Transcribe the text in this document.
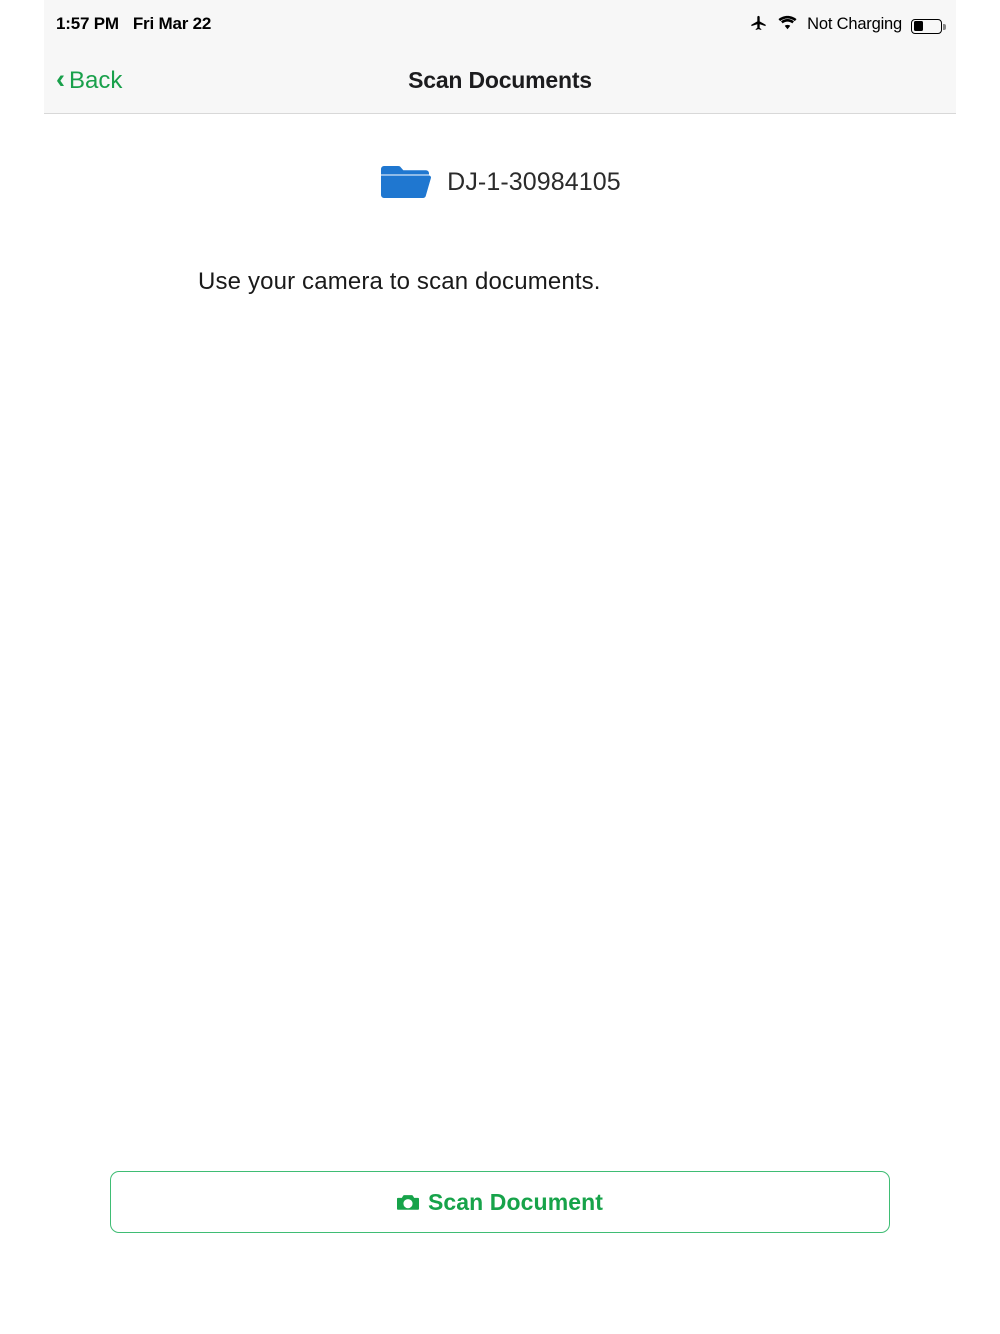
1:57 PM Fri Mar 22	Not Charging
‹ Back	Scan Documents
DJ-1-30984105
Use your camera to scan documents.
Scan Document
